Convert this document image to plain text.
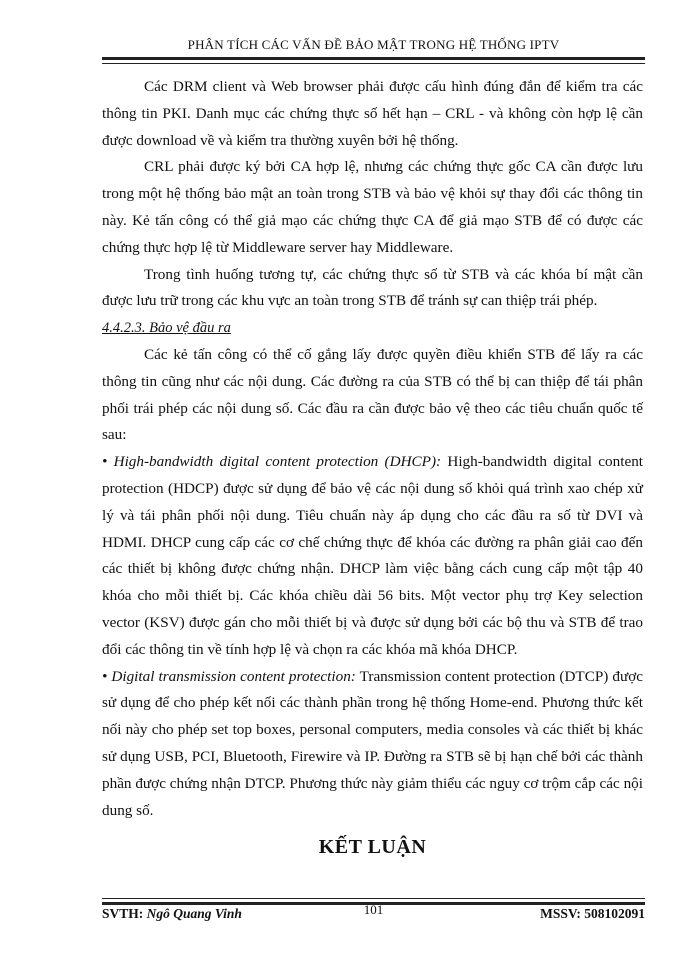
PHÂN TÍCH CÁC VẤN ĐỀ BẢO MẬT TRONG HỆ THỐNG IPTV

Các DRM client và Web browser phải được cấu hình đúng đắn để kiểm tra các thông tin PKI. Danh mục các chứng thực số hết hạn – CRL - và không còn hợp lệ cần được download về và kiểm tra thường xuyên bởi hệ thống.

CRL phải được ký bởi CA hợp lệ, nhưng các chứng thực gốc CA cần được lưu trong một hệ thống bảo mật an toàn trong STB và bảo vệ khỏi sự thay đổi các thông tin này. Kẻ tấn công có thể giả mạo các chứng thực CA để giả mạo STB để có được các chứng thực hợp lệ từ Middleware server hay Middleware.

Trong tình huống tương tự, các chứng thực số từ STB và các khóa bí mật cần được lưu trữ trong các khu vực an toàn trong STB để tránh sự can thiệp trái phép.

4.4.2.3. Bảo vệ đầu ra

Các kẻ tấn công có thể cố gắng lấy được quyền điều khiển STB để lấy ra các thông tin cũng như các nội dung. Các đường ra của STB có thể bị can thiệp để tái phân phối trái phép các nội dung số. Các đầu ra cần được bảo vệ theo các tiêu chuẩn quốc tế sau:

• High-bandwidth digital content protection (DHCP): High-bandwidth digital content protection (HDCP) được sử dụng để bảo vệ các nội dung số khỏi quá trình xao chép xử lý và tái phân phối nội dung. Tiêu chuẩn này áp dụng cho các đầu ra số từ DVI và HDMI. DHCP cung cấp các cơ chế chứng thực để khóa các đường ra phân giải cao đến các thiết bị không được chứng nhận. DHCP làm việc bằng cách cung cấp một tập 40 khóa cho mỗi thiết bị. Các khóa chiều dài 56 bits. Một vector phụ trợ Key selection vector (KSV) được gán cho mỗi thiết bị và được sử dụng bởi các bộ thu và STB để trao đổi các thông tin về tính hợp lệ và chọn ra các khóa mã khóa DHCP.

• Digital transmission content protection: Transmission content protection (DTCP) được sử dụng để cho phép kết nối các thành phần trong hệ thống Home-end. Phương thức kết nối này cho phép set top boxes, personal computers, media consoles và các thiết bị khác sử dụng USB, PCI, Bluetooth, Firewire và IP. Đường ra STB sẽ bị hạn chế bởi các thành phần được chứng nhận DTCP. Phương thức này giảm thiểu các nguy cơ trộm cắp các nội dung số.

KẾT LUẬN
SVTH: Ngô Quang Vinh	101	MSSV: 508102091
